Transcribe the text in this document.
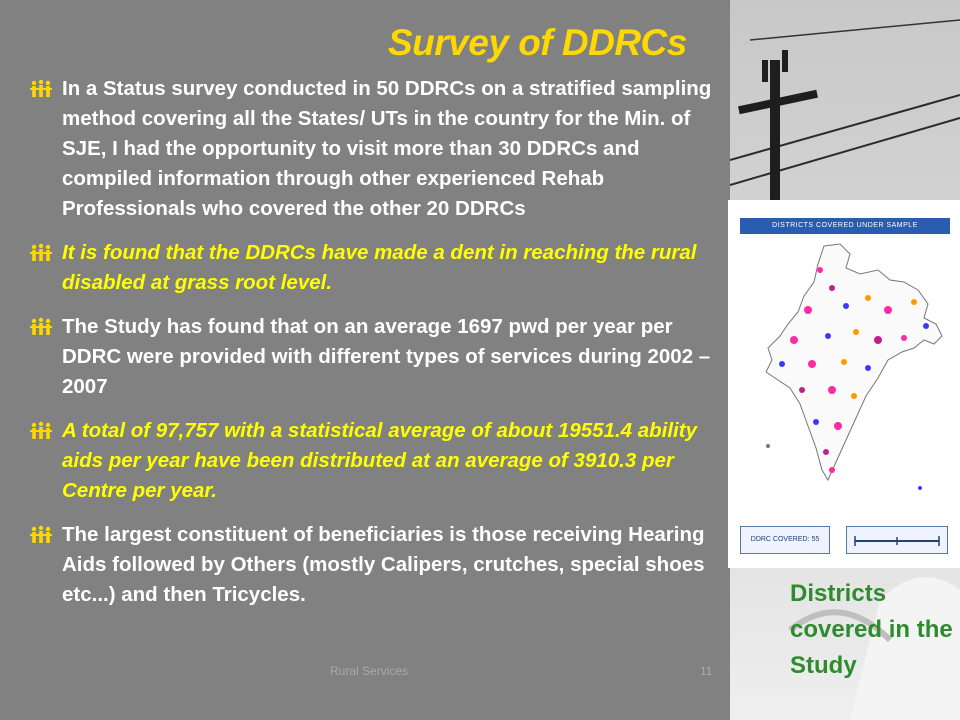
Survey of DDRCs
In a Status survey conducted in 50 DDRCs on a stratified sampling method covering all the States/ UTs in the country for the Min. of SJE, I had the opportunity to visit more than 30 DDRCs and compiled information through other experienced Rehab Professionals who covered the other 20 DDRCs
It is found that the DDRCs have made a dent in reaching the rural disabled at grass root level.
The Study has found that on an average 1697 pwd per year per DDRC were provided with different types of services during 2002 – 2007
A total of 97,757 with a statistical average of about 19551.4 ability aids per year have been distributed at an average of 3910.3 per Centre per year.
The largest constituent of beneficiaries is those receiving Hearing Aids followed by Others (mostly Calipers, crutches, special shoes etc...) and then Tricycles.
Rural Services	11
DISTRICTS COVERED UNDER SAMPLE
DDRC COVERED: 55

Districts covered in the Study
